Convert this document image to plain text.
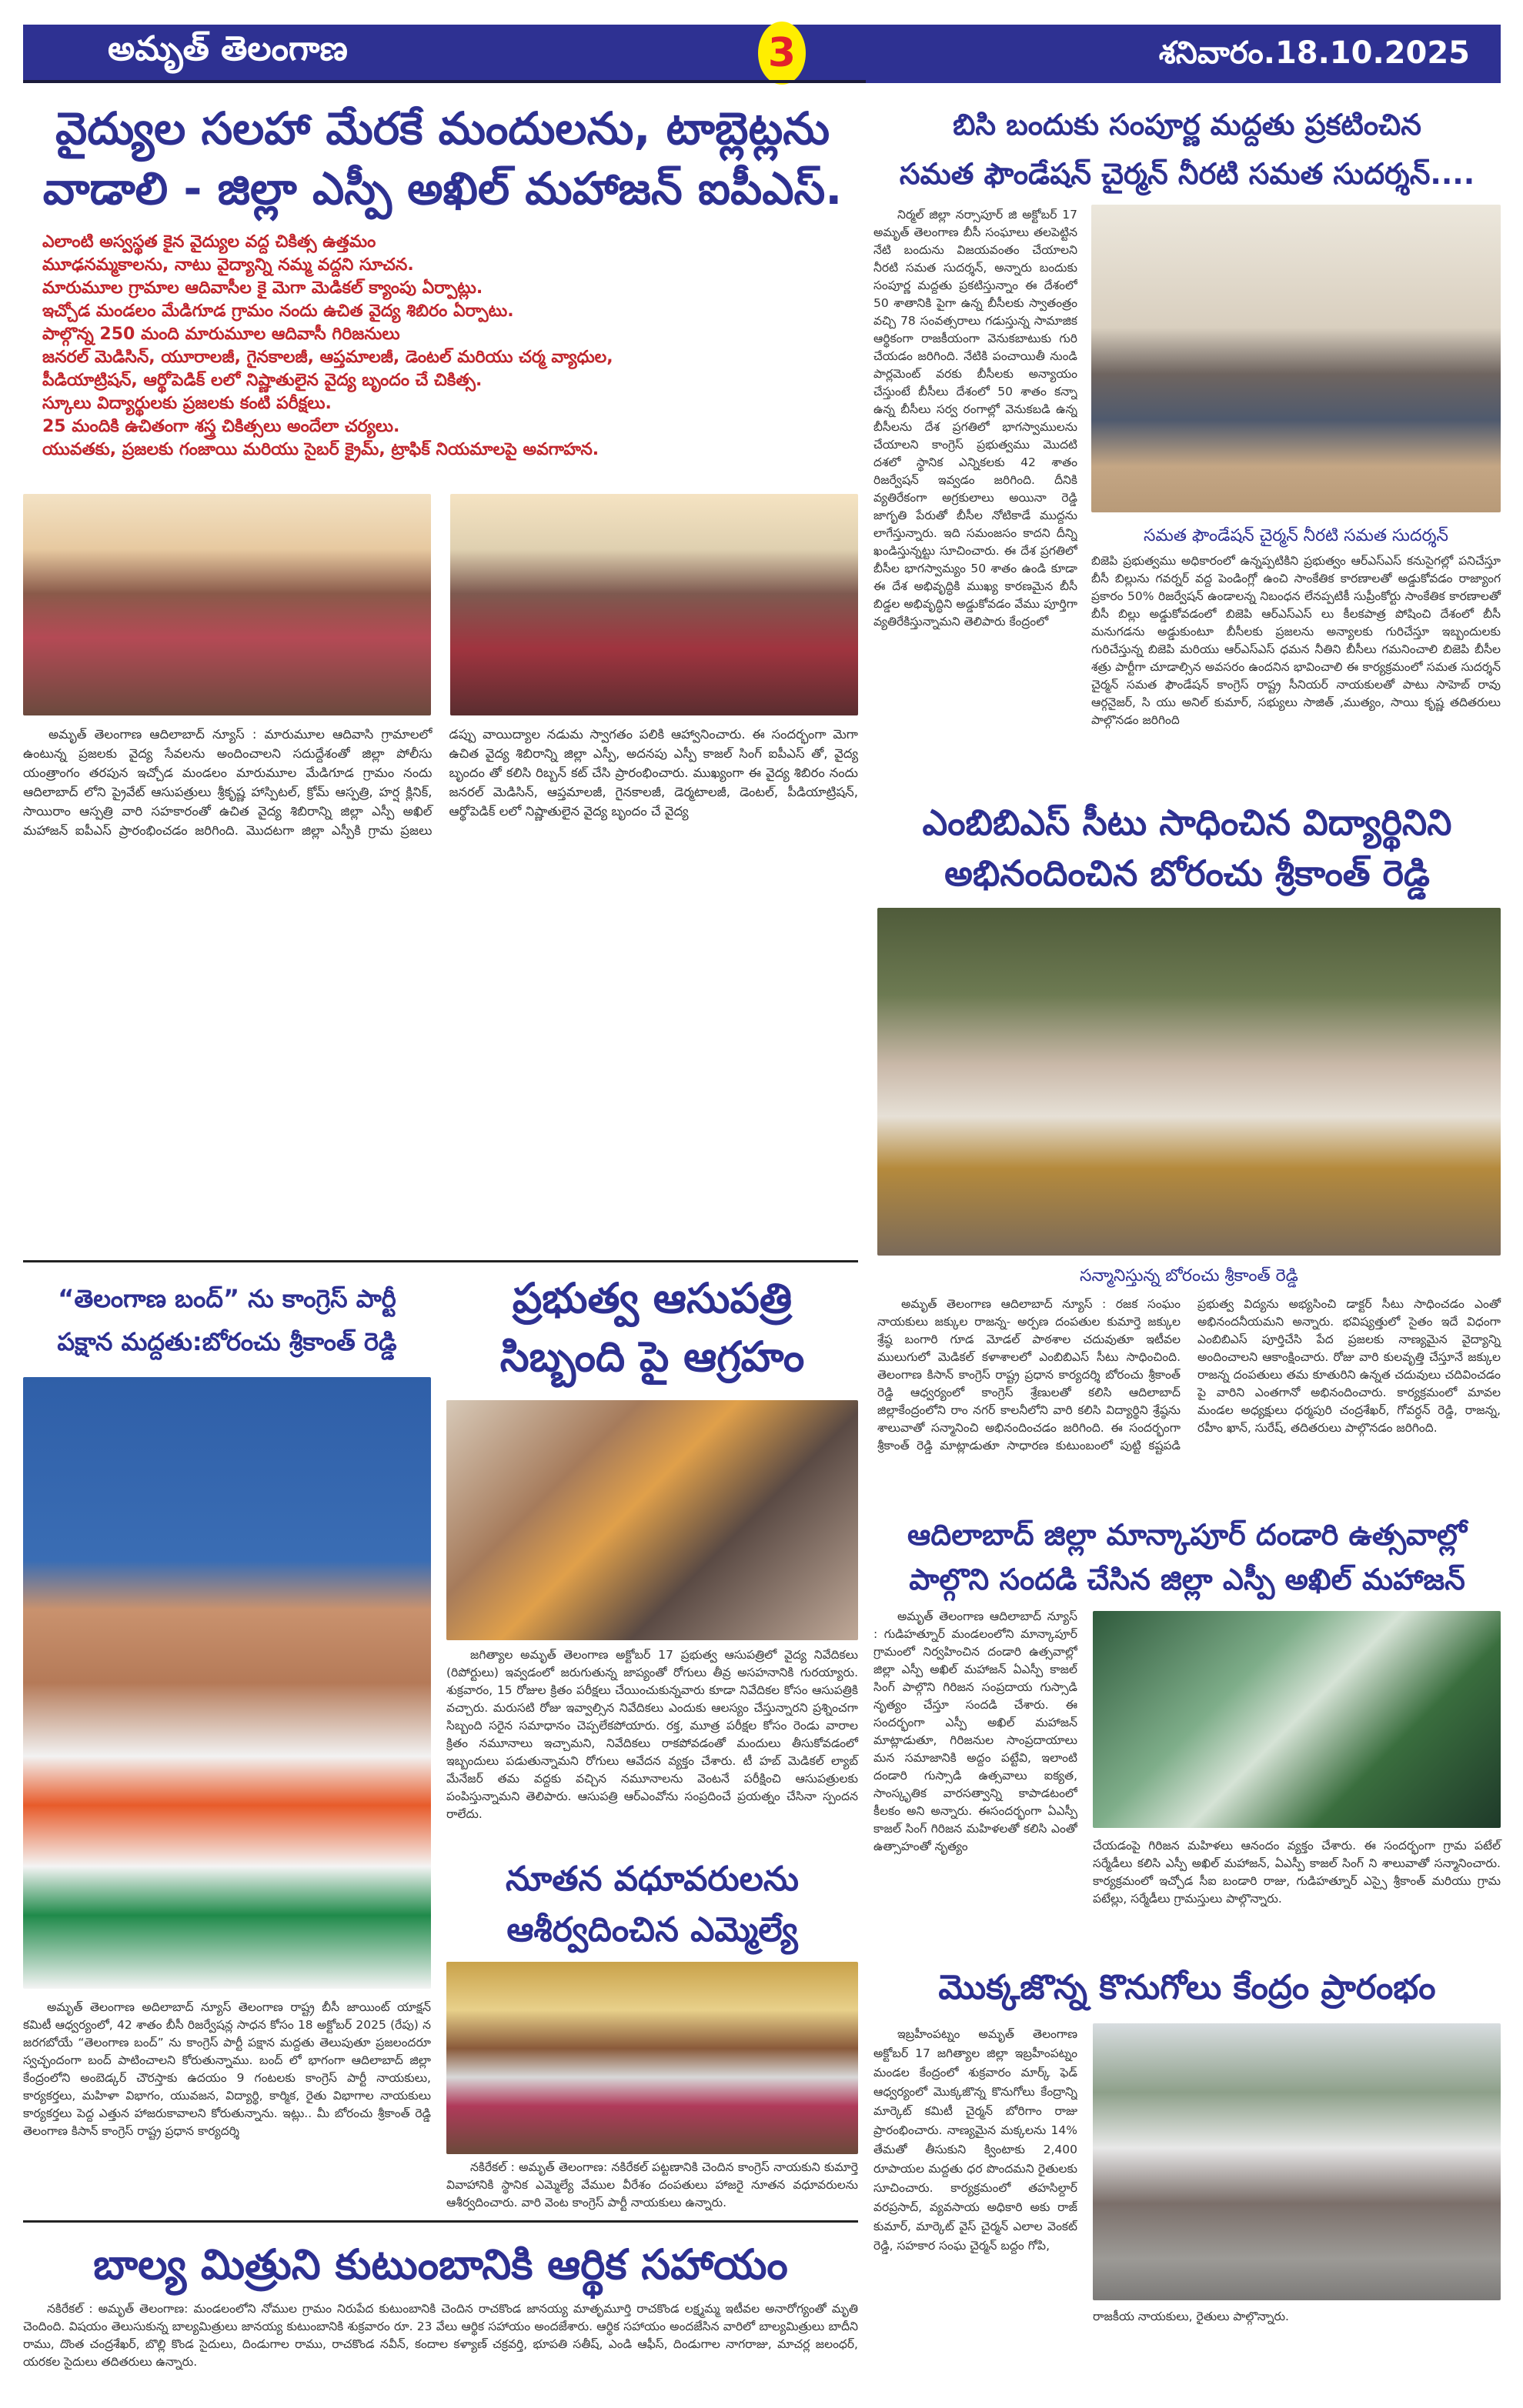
అమృత్ తెలంగాణ	3	శనివారం.18.10.2025
వైద్యుల సలహా మేరకే మందులను, టాబ్లెట్లను
వాడాలి - జిల్లా ఎస్పీ అఖిల్ మహాజన్ ఐపీఎస్.
ఎలాంటి అస్వస్థత కైన వైద్యుల వద్ద చికిత్స ఉత్తమం
మూఢనమ్మకాలను, నాటు వైద్యాన్ని నమ్మ వద్దని సూచన.
మారుమూల గ్రామాల ఆదివాసీల కై మెగా మెడికల్ క్యాంపు ఏర్పాట్లు.
ఇచ్చోడ మండలం మేడిగూడ గ్రామం నందు ఉచిత వైద్య శిబిరం ఏర్పాటు.
పాల్గొన్న 250 మంది మారుమూల ఆదివాసీ గిరిజనులు
జనరల్ మెడిసిన్, యూరాలజీ, గైనకాలజీ, ఆప్తమాలజీ, డెంటల్ మరియు చర్మ వ్యాధుల,
పీడియాట్రిషన్, ఆర్థోపెడిక్ లలో నిష్ణాతులైన వైద్య బృందం చే చికిత్స.
స్కూలు విద్యార్థులకు ప్రజలకు కంటి పరీక్షలు.
25 మందికి ఉచితంగా శస్త్ర చికిత్సలు అందేలా చర్యలు.
యువతకు, ప్రజలకు గంజాయి మరియు సైబర్ క్రైమ్, ట్రాఫిక్ నియమాలపై అవగాహన.

అమృత్ తెలంగాణ ఆదిలాబాద్ న్యూస్ : మారుమూల ఆదివాసి గ్రామాలలో ఉంటున్న ప్రజలకు వైద్య సేవలను అందించాలని సదుద్దేశంతో జిల్లా పోలీసు యంత్రాంగం తరపున ఇచ్చోడ మండలం మారుమూల మేడిగూడ గ్రామం నందు ఆదిలాబాద్ లోని ప్రైవేట్ ఆసుపత్రులు శ్రీకృష్ణ హాస్పిటల్, క్రోమ్ ఆస్పత్రి, హర్ష క్లినిక్, సాయిరాం ఆస్పత్రి వారి సహకారంతో ఉచిత వైద్య శిబిరాన్ని జిల్లా ఎస్పీ అఖిల్ మహాజన్ ఐపీఎస్ ప్రారంభించడం జరిగింది. మొదటగా జిల్లా ఎస్పీకి గ్రామ ప్రజలు డప్పు వాయిద్యాల నడుమ స్వాగతం పలికి ఆహ్వానించారు. ఈ సందర్భంగా మెగా ఉచిత వైద్య శిబిరాన్ని జిల్లా ఎస్పీ, అదనపు ఎస్పీ కాజల్ సింగ్ ఐపీఎస్ తో, వైద్య బృందం తో కలిసి రిబ్బన్ కట్ చేసి ప్రారంభించారు. ముఖ్యంగా ఈ వైద్య శిబిరం నందు జనరల్ మెడిసిన్, ఆప్తమాలజీ, గైనకాలజీ, డెర్మటాలజీ, డెంటల్, పీడియాట్రిషన్, ఆర్థోపెడిక్ లలో నిష్ణాతులైన వైద్య బృందం చే వైద్య

బిసి బందుకు సంపూర్ణ మద్దతు ప్రకటించిన
సమత ఫౌండేషన్ చైర్మన్ నీరటి సమత సుదర్శన్....

నిర్మల్ జిల్లా నర్సాపూర్ జి అక్టోబర్ 17 అమృత్ తెలంగాణ బీసీ సంఘాలు తలపెట్టిన నేటి బందును విజయవంతం చేయాలని నీరటి సమత సుదర్శన్, అన్నారు బందుకు సంపూర్ణ మద్దతు ప్రకటిస్తున్నాం ఈ దేశంలో 50 శాతానికి పైగా ఉన్న బీసీలకు స్వాతంత్రం వచ్చి 78 సంవత్సరాలు గడుస్తున్న సామాజిక ఆర్థికంగా రాజకీయంగా వెనుకబాటుకు గురి చేయడం జరిగింది. నేటికి పంచాయితీ నుండి పార్లమెంట్ వరకు బీసీలకు అన్యాయం చేస్తుంటే బీసీలు దేశంలో 50 శాతం కన్నా ఉన్న బీసీలు సర్వ రంగాల్లో వెనుకబడి ఉన్న బీసీలను దేశ ప్రగతిలో భాగస్వాములను చేయాలని కాంగ్రెస్ ప్రభుత్వము మొదటి దశలో స్థానిక ఎన్నికలకు 42 శాతం రిజర్వేషన్ ఇవ్వడం జరిగింది. దీనికి వ్యతిరేకంగా అగ్రకులాలు అయినా రెడ్డి జాగృతి పేరుతో బీసీల నోటికాడే ముద్దను లాగేస్తున్నారు. ఇది సమంజసం కాదని దీన్ని ఖండిస్తున్నట్టు సూచించారు. ఈ దేశ ప్రగతిలో బీసీల భాగస్వామ్యం 50 శాతం ఉండి కూడా ఈ దేశ అభివృద్ధికి ముఖ్య కారణమైన బీసీ బిడ్డల అభివృద్ధిని అడ్డుకోవడం వేము పూర్తిగా వ్యతిరేకిస్తున్నామని తెలిపారు కేంద్రంలో

సమత ఫౌండేషన్ చైర్మన్ నీరటి సమత సుదర్శన్

బిజెపి ప్రభుత్వము అధికారంలో ఉన్నప్పటికిని ప్రభుత్వం ఆర్ఎస్ఎస్ కనుసైగల్లో పనిచేస్తూ బీసీ బిల్లును గవర్నర్ వద్ద పెండింగ్లో ఉంచి సాంకేతిక కారణాలతో అడ్డుకోవడం రాజ్యాంగ ప్రకారం 50% రిజర్వేషన్ ఉండాలన్న నిబంధన లేనప్పటికీ సుప్రీంకోర్టు సాంకేతిక కారణాలతో బీసీ బిల్లు అడ్డుకోవడంలో బిజెపి ఆర్ఎస్ఎస్ లు కీలకపాత్ర పోషించి దేశంలో బీసీ మనుగడను అడ్డుకుంటూ బీసీలకు ప్రజలను అన్యాలకు గురిచేస్తూ ఇబ్బందులకు గురిచేస్తున్న బిజెపి మరియు ఆర్ఎస్ఎస్ ధమన నీతిని బీసీలు గమనించాలి బిజెపి బీసీల శత్రు పార్టీగా చూడాల్సిన అవసరం ఉందనిన భావించాలి ఈ కార్యక్రమంలో సమత సుదర్శన్ చైర్మన్ సమత ఫౌండేషన్ కాంగ్రెస్ రాష్ట్ర సీనియర్ నాయకులతో పాటు సాహెబ్ రావు ఆర్గనైజర్, సి యు అనిల్ కుమార్, సభ్యులు సాజిత్ ,ముత్యం, సాయి కృష్ణ తదితరులు పాల్గొనడం జరిగింది

ఎంబిబిఎస్ సీటు సాధించిన విద్యార్థినిని
అభినందించిన బోరంచు శ్రీకాంత్ రెడ్డి
సన్మానిస్తున్న బోరంచు శ్రీకాంత్ రెడ్డి

అమృత్ తెలంగాణ ఆదిలాబాద్ న్యూస్ : రజక సంఘం నాయకులు జక్కుల రాజన్న- అర్పణ దంపతుల కుమార్తె జక్కుల శ్రేష్ఠ బంగారి గూడ మోడల్ పాఠశాల చదువుతూ ఇటీవల ములుగులో మెడికల్ కళాశాలలో ఎంబిబిఎస్ సీటు సాధించింది. తెలంగాణ కిసాన్ కాంగ్రెస్ రాష్ట్ర ప్రధాన కార్యదర్శి బోరంచు శ్రీకాంత్ రెడ్డి ఆధ్వర్యంలో కాంగ్రెస్ శ్రేణులతో కలిసి ఆదిలాబాద్ జిల్లాకేంద్రంలోని రాం నగర్ కాలనీలోని వారి కలిసి విద్యార్థిని శ్రేష్ఠను శాలువాతో సన్మానించి అభినందించడం జరిగింది. ఈ సందర్భంగా శ్రీకాంత్ రెడ్డి మాట్లాడుతూ సాధారణ కుటుంబంలో పుట్టి కష్టపడి ప్రభుత్వ విద్యను అభ్యసించి డాక్టర్ సీటు సాధించడం ఎంతో అభినందనీయమని అన్నారు. భవిష్యత్తులో సైతం ఇదే విధంగా ఎంబిబిఎస్ పూర్తిచేసి పేద ప్రజలకు నాణ్యమైన వైద్యాన్ని అందించాలని ఆకాంక్షించారు. రోజు వారి కులవృత్తి చేస్తూనే జక్కుల రాజన్న దంపతులు తమ కూతురిని ఉన్నత చదువులు చదివించడం పై వారిని ఎంతగానో అభినందించారు. కార్యక్రమంలో మావల మండల అధ్యక్షులు ధర్మపురి చంద్రశేఖర్, గోవర్ధన్ రెడ్డి, రాజన్న, రహీం ఖాన్, సురేష్, తదితరులు పాల్గొనడం జరిగింది.

ఆదిలాబాద్ జిల్లా మాన్కాపూర్ దండారి ఉత్సవాల్లో
పాల్గొని సందడి చేసిన జిల్లా ఎస్పీ అఖిల్ మహాజన్

అమృత్ తెలంగాణ ఆదిలాబాద్ న్యూస్ : గుడిహత్నూర్ మండలంలోని మాన్కాపూర్ గ్రామంలో నిర్వహించిన దండారి ఉత్సవాల్లో జిల్లా ఎస్పీ అఖిల్ మహాజన్ ఏఎస్పీ కాజల్ సింగ్ పాల్గొని గిరిజన సంప్రదాయ గుస్సాడి నృత్యం చేస్తూ సందడి చేశారు. ఈ సందర్భంగా ఎస్పీ అఖిల్ మహాజన్ మాట్లాడుతూ, గిరిజనుల సాంప్రదాయాలు మన సమాజానికి అద్దం పట్టేవి, ఇలాంటి దండారి గుస్సాడి ఉత్సవాలు ఐక్యత, సాంస్కృతిక వారసత్వాన్ని కాపాడటంలో కీలకం అని అన్నారు. ఈసందర్భంగా ఏఎస్పీ కాజల్ సింగ్ గిరిజన మహిళలతో కలిసి ఎంతో ఉత్సాహంతో నృత్యం	చేయడంపై గిరిజన మహిళలు ఆనందం వ్యక్తం చేశారు. ఈ సందర్భంగా గ్రామ పటేల్ సర్మేడీలు కలిసి ఎస్పీ అఖిల్ మహాజన్, ఏఎస్పీ కాజల్ సింగ్ ని శాలువాతో సన్మానించారు. కార్యక్రమంలో ఇచ్చోడ సీఐ బండారి రాజు, గుడిహత్నూర్ ఎస్సై శ్రీకాంత్ మరియు గ్రామ పటేల్లు, సర్మేడీలు గ్రామస్తులు పాల్గొన్నారు.

మొక్కజొన్న కొనుగోలు కేంద్రం ప్రారంభం

ఇబ్రహీంపట్నం అమృత్ తెలంగాణ అక్టోబర్ 17 జగిత్యాల జిల్లా ఇబ్రహీంపట్నం మండల కేంద్రంలో శుక్రవారం మార్క్ ఫెడ్ ఆధ్వర్యంలో మొక్కజొన్న కొనుగోలు కేంద్రాన్ని మార్కెట్ కమిటీ చైర్మన్ బోరిగాం రాజు ప్రారంభించారు. నాణ్యమైన మక్కలను 14% తేమతో తీసుకుని క్వింటాకు 2,400 రూపాయల మద్దతు ధర పొందమని రైతులకు సూచించారు. కార్యక్రమంలో తహసిల్దార్ వరప్రసాద్, వ్యవసాయ అధికారి అకు రాజ్ కుమార్, మార్కెట్ వైస్ చైర్మన్ ఎలాల వెంకట్ రెడ్డి, సహకార సంఘ చైర్మన్ బద్దం గోపి,

రాజకీయ నాయకులు, రైతులు పాల్గొన్నారు.

“తెలంగాణ బంద్” ను కాంగ్రెస్ పార్టీ
పక్షాన మద్దతు:బోరంచు శ్రీకాంత్ రెడ్డి

అమృత్ తెలంగాణ అదిలాబాద్ న్యూస్ తెలంగాణ రాష్ట్ర బీసీ జాయింట్ యాక్షన్ కమిటీ ఆధ్వర్యంలో, 42 శాతం బీసీ రిజర్వేషన్ల సాధన కోసం 18 అక్టోబర్ 2025 (రేపు) న జరగబోయే “తెలంగాణ బంద్” ను కాంగ్రెస్ పార్టీ పక్షాన మద్దతు తెలుపుతూ ప్రజలందరూ స్వచ్ఛందంగా బంద్ పాటించాలని కోరుతున్నాము. బంద్ లో భాగంగా ఆదిలాబాద్ జిల్లా కేంద్రంలోని అంబెడ్కర్ చౌరస్తాకు ఉదయం 9 గంటలకు కాంగ్రెస్ పార్టీ నాయకులు, కార్యకర్తలు, మహిళా విభాగం, యువజన, విద్యార్థి, కార్మిక, రైతు విభాగాల నాయకులు కార్యకర్తలు పెద్ద ఎత్తున హాజరుకావాలని కోరుతున్నాను. ఇట్లు.. మీ బోరంచు శ్రీకాంత్ రెడ్డి తెలంగాణ కిసాన్ కాంగ్రెస్ రాష్ట్ర ప్రధాన కార్యదర్శి

ప్రభుత్వ ఆసుపత్రి
సిబ్బంది పై ఆగ్రహం

జగిత్యాల అమృత్ తెలంగాణ అక్టోబర్ 17 ప్రభుత్వ ఆసుపత్రిలో వైద్య నివేదికలు (రిపోర్టులు) ఇవ్వడంలో జరుగుతున్న జాప్యంతో రోగులు తీవ్ర అసహనానికి గురయ్యారు. శుక్రవారం, 15 రోజుల క్రితం పరీక్షలు చేయించుకున్నవారు కూడా నివేదికల కోసం ఆసుపత్రికి వచ్చారు. మరుసటి రోజు ఇవ్వాల్సిన నివేదికలు ఎందుకు ఆలస్యం చేస్తున్నారని ప్రశ్నించగా సిబ్బంది సరైన సమాధానం చెప్పలేకపోయారు. రక్త, మూత్ర పరీక్షల కోసం రెండు వారాల క్రితం నమూనాలు ఇచ్చామని, నివేదికలు రాకపోవడంతో మందులు తీసుకోవడంలో ఇబ్బందులు పడుతున్నామని రోగులు ఆవేదన వ్యక్తం చేశారు. టీ హబ్ మెడికల్ ల్యాబ్ మేనేజర్ తమ వద్దకు వచ్చిన నమూనాలను వెంటనే పరీక్షించి ఆసుపత్రులకు పంపిస్తున్నామని తెలిపారు. ఆసుపత్రి ఆర్ఎంవోను సంప్రదించే ప్రయత్నం చేసినా స్పందన రాలేదు.

నూతన వధూవరులను
ఆశీర్వదించిన ఎమ్మెల్యే

నకిరేకల్ : అమృత్ తెలంగాణ: నకిరేకల్ పట్టణానికి చెందిన కాంగ్రెస్ నాయకుని కుమార్తె వివాహానికి స్థానిక ఎమ్మెల్యే వేముల వీరేశం దంపతులు హాజరై నూతన వధూవరులను ఆశీర్వదించారు. వారి వెంట కాంగ్రెస్ పార్టీ నాయకులు ఉన్నారు.

బాల్య మిత్రుని కుటుంబానికి ఆర్థిక సహాయం

నకిరేకల్ : అమృత్ తెలంగాణ: మండలంలోని నోముల గ్రామం నిరుపేద కుటుంబానికి చెందిన రాచకొండ జానయ్య మాతృమూర్తి రాచకొండ లక్ష్మమ్మ ఇటీవల అనారోగ్యంతో మృతి చెందింది. విషయం తెలుసుకున్న బాల్యమిత్రులు జానయ్య కుటుంబానికి శుక్రవారం రూ. 23 వేలు ఆర్థిక సహాయం అందజేశారు. ఆర్థిక సహాయం అందజేసిన వారిలో బాల్యమిత్రులు బాదీని రాము, దొంత చంద్రశేఖర్, బొల్లి కొండ సైదులు, దిండుగాల రాము, రాచకొండ నవీన్, కందాల కళ్యాణ్ చక్రవర్తి, భూపతి సతీష్, ఎండి ఆఫీస్, దిండుగాల నాగరాజు, మాచర్ల జలంధర్, యరకల సైదులు తదితరులు ఉన్నారు.
